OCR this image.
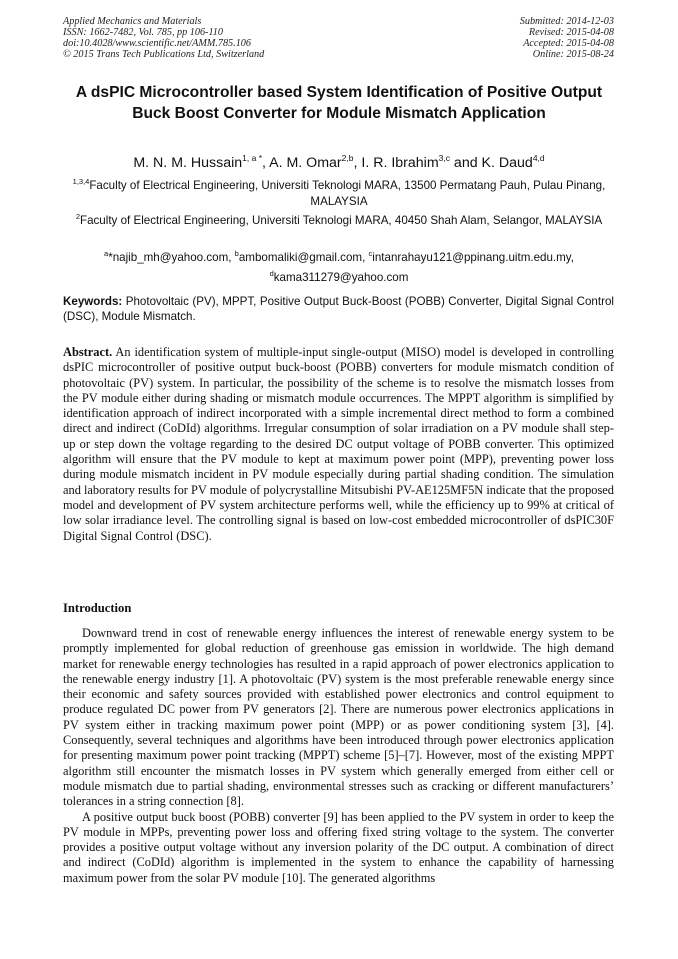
Applied Mechanics and Materials
ISSN: 1662-7482, Vol. 785, pp 106-110
doi:10.4028/www.scientific.net/AMM.785.106
© 2015 Trans Tech Publications Ltd, Switzerland
Submitted: 2014-12-03
Revised: 2015-04-08
Accepted: 2015-04-08
Online: 2015-08-24
A dsPIC Microcontroller based System Identification of Positive Output
Buck Boost Converter for Module Mismatch Application
M. N. M. Hussain$^{1, a *}$, A. M. Omar$^{2,b}$, I. R. Ibrahim$^{3,c}$ and K. Daud$^{4,d}$
$^{1,3,4}$Faculty of Electrical Engineering, Universiti Teknologi MARA, 13500 Permatang Pauh, Pulau Pinang, MALAYSIA
$^2$Faculty of Electrical Engineering, Universiti Teknologi MARA, 40450 Shah Alam, Selangor, MALAYSIA
$^a$*najib_mh@yahoo.com, $^b$ambomaliki@gmail.com, $^c$intanrahayu121@ppinang.uitm.edu.my,
$^d$kama311279@yahoo.com
Keywords: Photovoltaic (PV), MPPT, Positive Output Buck-Boost (POBB) Converter, Digital Signal Control (DSC), Module Mismatch.
Abstract. An identification system of multiple-input single-output (MISO) model is developed in controlling dsPIC microcontroller of positive output buck-boost (POBB) converters for module mismatch condition of photovoltaic (PV) system. In particular, the possibility of the scheme is to resolve the mismatch losses from the PV module either during shading or mismatch module occurrences. The MPPT algorithm is simplified by identification approach of indirect incorporated with a simple incremental direct method to form a combined direct and indirect (CoDId) algorithms. Irregular consumption of solar irradiation on a PV module shall step-up or step down the voltage regarding to the desired DC output voltage of POBB converter. This optimized algorithm will ensure that the PV module to kept at maximum power point (MPP), preventing power loss during module mismatch incident in PV module especially during partial shading condition. The simulation and laboratory results for PV module of polycrystalline Mitsubishi PV-AE125MF5N indicate that the proposed model and development of PV system architecture performs well, while the efficiency up to 99% at critical of low solar irradiance level. The controlling signal is based on low-cost embedded microcontroller of dsPIC30F Digital Signal Control (DSC).
Introduction

Downward trend in cost of renewable energy influences the interest of renewable energy system to be promptly implemented for global reduction of greenhouse gas emission in worldwide. The high demand market for renewable energy technologies has resulted in a rapid approach of power electronics application to the renewable energy industry [1]. A photovoltaic (PV) system is the most preferable renewable energy since their economic and safety sources provided with established power electronics and control equipment to produce regulated DC power from PV generators [2]. There are numerous power electronics applications in PV system either in tracking maximum power point (MPP) or as power conditioning system [3], [4]. Consequently, several techniques and algorithms have been introduced through power electronics application for presenting maximum power point tracking (MPPT) scheme [5]–[7]. However, most of the existing MPPT algorithm still encounter the mismatch losses in PV system which generally emerged from either cell or module mismatch due to partial shading, environmental stresses such as cracking or different manufacturers’ tolerances in a string connection [8].

A positive output buck boost (POBB) converter [9] has been applied to the PV system in order to keep the PV module in MPPs, preventing power loss and offering fixed string voltage to the system. The converter provides a positive output voltage without any inversion polarity of the DC output. A combination of direct and indirect (CoDId) algorithm is implemented in the system to enhance the capability of harnessing maximum power from the solar PV module [10]. The generated algorithms
